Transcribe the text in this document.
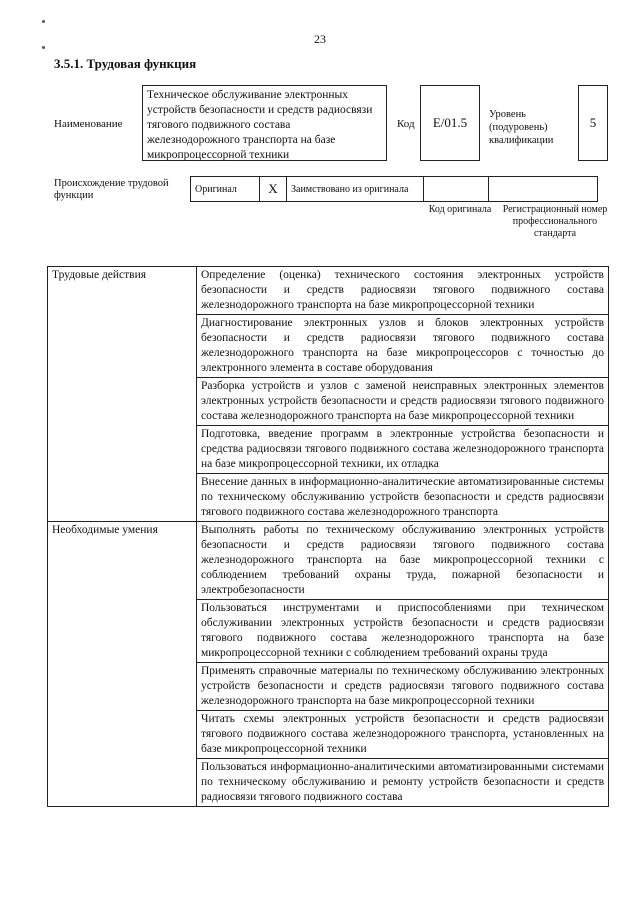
23
3.5.1. Трудовая функция
Наименование
Техническое обслуживание электронных устройств безопасности и средств радиосвязи тягового подвижного состава железнодорожного транспорта на базе микропроцессорной техники
Код	E/01.5
Уровень (подуровень) квалификации
5
Происхождение трудовой функции
Оригинал	X	Заимствовано из оригинала		
Код оригинала Регистрационный номер профессионального стандарта
Трудовые действия	Определение (оценка) технического состояния электронных устройств безопасности и средств радиосвязи тягового подвижного состава железнодорожного транспорта на базе микропроцессорной техники
	Диагностирование электронных узлов и блоков электронных устройств безопасности и средств радиосвязи тягового подвижного состава железнодорожного транспорта на базе микропроцессоров с точностью до электронного элемента в составе оборудования
	Разборка устройств и узлов с заменой неисправных электронных элементов электронных устройств безопасности и средств радиосвязи тягового подвижного состава железнодорожного транспорта на базе микропроцессорной техники
	Подготовка, введение программ в электронные устройства безопасности и средства радиосвязи тягового подвижного состава железнодорожного транспорта на базе микропроцессорной техники, их отладка
	Внесение данных в информационно-аналитические автоматизированные системы по техническому обслуживанию устройств безопасности и средств радиосвязи тягового подвижного состава железнодорожного транспорта
Необходимые умения	Выполнять работы по техническому обслуживанию электронных устройств безопасности и средств радиосвязи тягового подвижного состава железнодорожного транспорта на базе микропроцессорной техники с соблюдением требований охраны труда, пожарной безопасности и электробезопасности
	Пользоваться инструментами и приспособлениями при техническом обслуживании электронных устройств безопасности и средств радиосвязи тягового подвижного состава железнодорожного транспорта на базе микропроцессорной техники с соблюдением требований охраны труда
	Применять справочные материалы по техническому обслуживанию электронных устройств безопасности и средств радиосвязи тягового подвижного состава железнодорожного транспорта на базе микропроцессорной техники
	Читать схемы электронных устройств безопасности и средств радиосвязи тягового подвижного состава железнодорожного транспорта, установленных на базе микропроцессорной техники
	Пользоваться информационно-аналитическими автоматизированными системами по техническому обслуживанию и ремонту устройств безопасности и средств радиосвязи тягового подвижного состава
